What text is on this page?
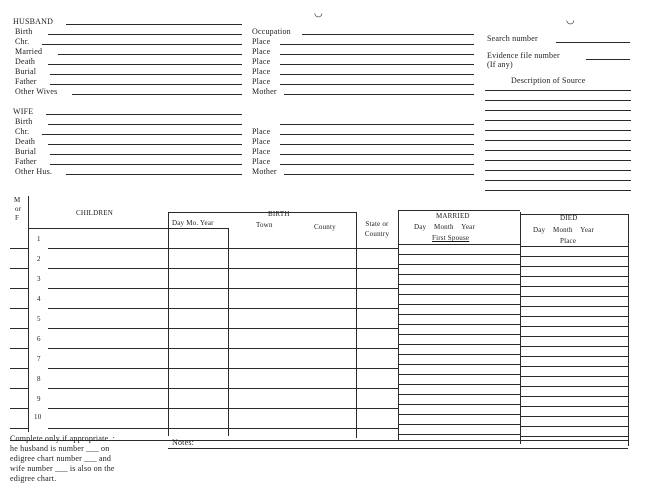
HUSBAND
Birth
Chr.
Married
Death
Burial
Father
Other Wives
Occupation
Place
Place
Place
Place
Place
Mother
Search number
Evidence file number
(If any)
Description of Source
WIFE
Birth
Chr.
Death
Burial
Father
Other Hus.
Place
Place
Place
Place
Mother
M
or
F
CHILDREN	BIRTH
Day Mo. Year	Town	County	State or Country
MARRIED
Day    Month    Year
First Spouse
DIED
Day    Month    Year
Place
1
2
3
4
5
6
7
8
9
10
Complete only if appropriate. :
he husband is number ___ on
edigree chart number ___ and
wife number ___ is also on the
edigree chart.
Notes:
◡
◡
